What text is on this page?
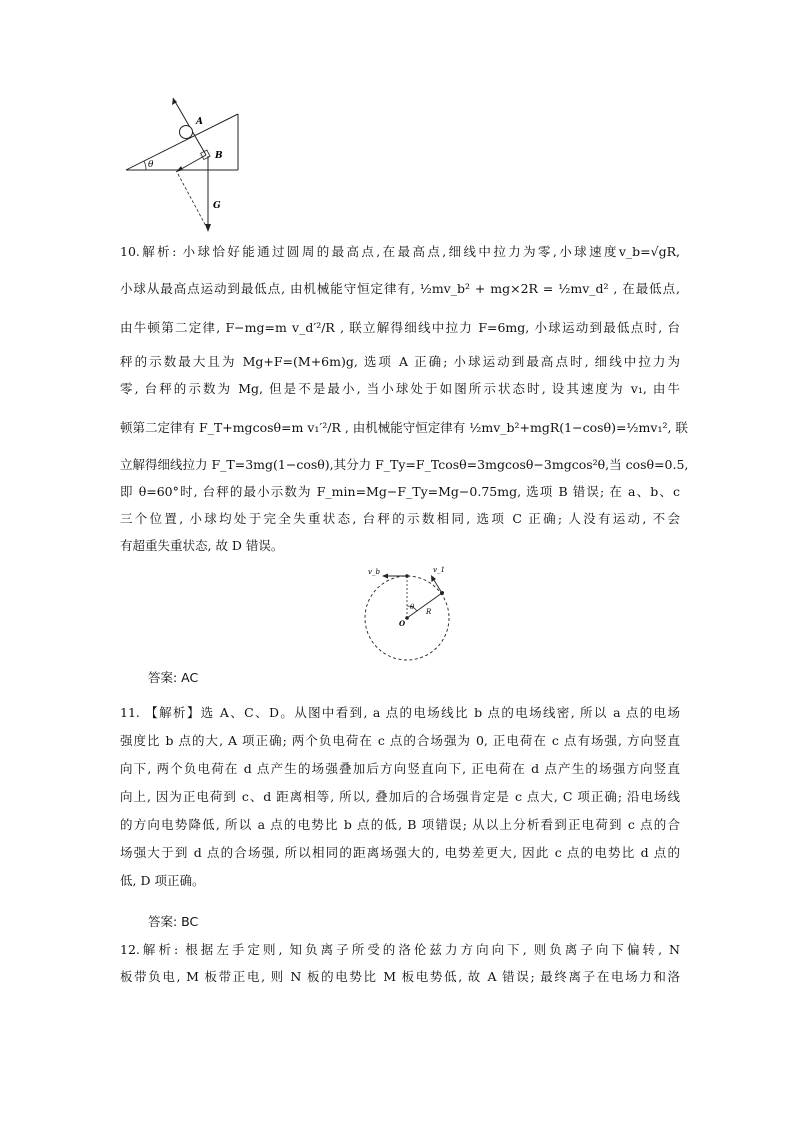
A
B
G
θ
10.解析: 小球恰好能通过圆周的最高点,在最高点,细线中拉力为零,小球速度v_b=√gR,
小球从最高点运动到最低点, 由机械能守恒定律有, ½mv_b² + mg×2R = ½mv_d² , 在最低点,
由牛顿第二定律, F−mg=m v_d′²/R , 联立解得细线中拉力 F=6mg, 小球运动到最低点时, 台
秤的示数最大且为 Mg+F=(M+6m)g, 选项 A 正确; 小球运动到最高点时, 细线中拉力为
零, 台秤的示数为 Mg, 但是不是最小, 当小球处于如图所示状态时, 设其速度为 v₁, 由牛
顿第二定律有 F_T+mgcosθ=m v₁′²/R , 由机械能守恒定律有 ½mv_b²+mgR(1−cosθ)=½mv₁², 联
立解得细线拉力 F_T=3mg(1−cosθ),其分力 F_Ty=F_Tcosθ=3mgcosθ−3mgcos²θ,当 cosθ=0.5,
即 θ=60°时, 台秤的最小示数为 F_min=Mg−F_Ty=Mg−0.75mg, 选项 B 错误; 在 a、b、c
三个位置, 小球均处于完全失重状态, 台秤的示数相同, 选项 C 正确; 人没有运动, 不会
有超重失重状态, 故 D 错误。
v_b	v_1
θ
R
O
答案: AC
11. 【解析】选 A、C、D。从图中看到, a 点的电场线比 b 点的电场线密, 所以 a 点的电场
强度比 b 点的大, A 项正确; 两个负电荷在 c 点的合场强为 0, 正电荷在 c 点有场强, 方向竖直
向下, 两个负电荷在 d 点产生的场强叠加后方向竖直向下, 正电荷在 d 点产生的场强方向竖直
向上, 因为正电荷到 c、d 距离相等, 所以, 叠加后的合场强肯定是 c 点大, C 项正确; 沿电场线
的方向电势降低, 所以 a 点的电势比 b 点的低, B 项错误; 从以上分析看到正电荷到 c 点的合
场强大于到 d 点的合场强, 所以相同的距离场强大的, 电势差更大, 因此 c 点的电势比 d 点的
低, D 项正确。
答案: BC
12.解析: 根据左手定则, 知负离子所受的洛伦兹力方向向下, 则负离子向下偏转, N
板带负电, M 板带正电, 则 N 板的电势比 M 板电势低, 故 A 错误; 最终离子在电场力和洛
